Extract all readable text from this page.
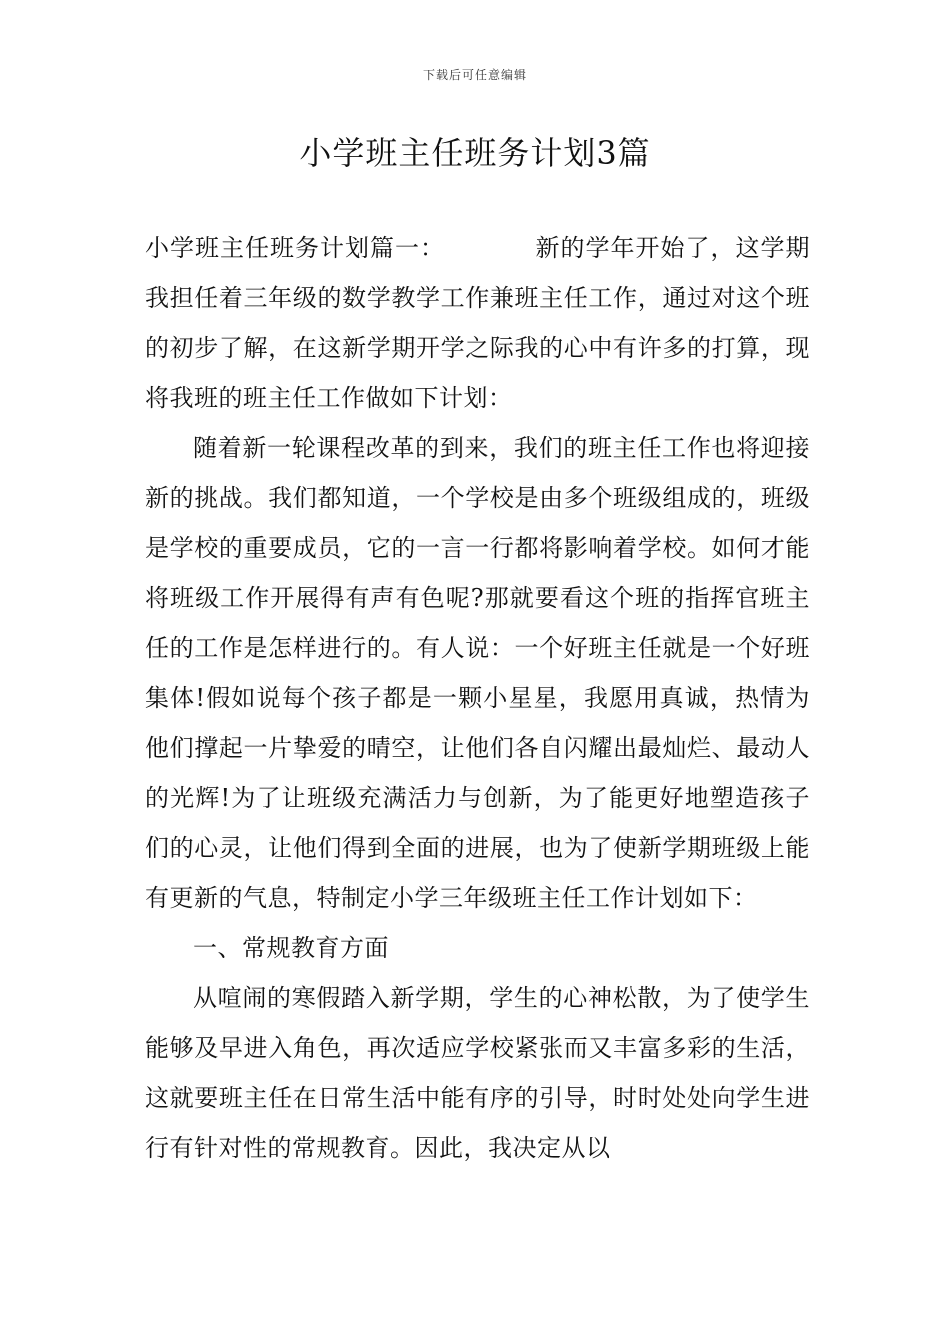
下载后可任意编辑
小学班主任班务计划3篇

小学班主任班务计划篇一：	新的学年开始了，这学期我担任着三年级的数学教学工作兼班主任工作，通过对这个班的初步了解，在这新学期开学之际我的心中有许多的打算，现将我班的班主任工作做如下计划：

随着新一轮课程改革的到来，我们的班主任工作也将迎接新的挑战。我们都知道，一个学校是由多个班级组成的，班级是学校的重要成员，它的一言一行都将影响着学校。如何才能将班级工作开展得有声有色呢?那就要看这个班的指挥官班主任的工作是怎样进行的。有人说：一个好班主任就是一个好班集体!假如说每个孩子都是一颗小星星，我愿用真诚，热情为他们撑起一片挚爱的晴空，让他们各自闪耀出最灿烂、最动人的光辉!为了让班级充满活力与创新，为了能更好地塑造孩子们的心灵，让他们得到全面的进展，也为了使新学期班级上能有更新的气息，特制定小学三年级班主任工作计划如下：

一、常规教育方面

从喧闹的寒假踏入新学期，学生的心神松散，为了使学生能够及早进入角色，再次适应学校紧张而又丰富多彩的生活，这就要班主任在日常生活中能有序的引导，时时处处向学生进行有针对性的常规教育。因此，我决定从以
